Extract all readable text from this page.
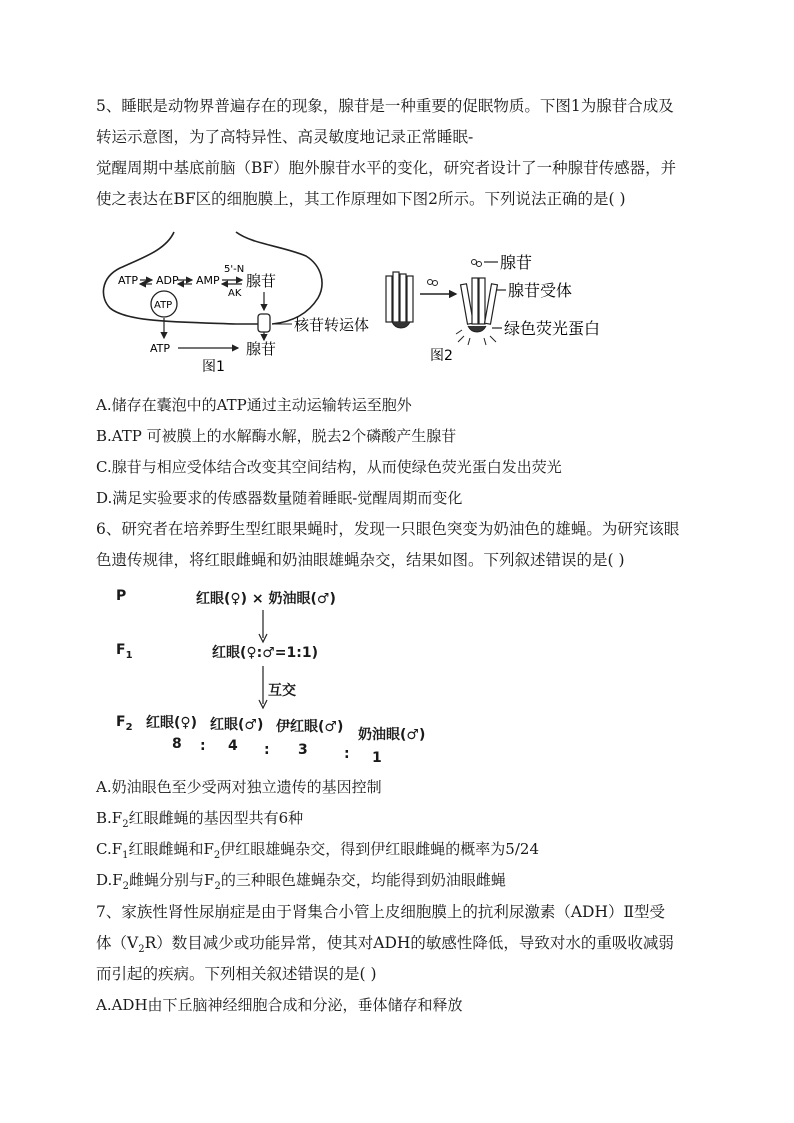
5、睡眠是动物界普遍存在的现象，腺苷是一种重要的促眠物质。下图1为腺苷合成及
转运示意图，为了高特异性、高灵敏度地记录正常睡眠-
觉醒周期中基底前脑（BF）胞外腺苷水平的变化，研究者设计了一种腺苷传感器，并
使之表达在BF区的细胞膜上，其工作原理如下图2所示。下列说法正确的是( )
ATP ADP AMP
5'-N
AK
腺苷
ATP
核苷转运体
ATP	腺苷
图1
腺苷
腺苷受体
绿色荧光蛋白
图2
A.储存在囊泡中的ATP通过主动运输转运至胞外
B.ATP 可被膜上的水解酶水解，脱去2个磷酸产生腺苷
C.腺苷与相应受体结合改变其空间结构，从而使绿色荧光蛋白发出荧光
D.满足实验要求的传感器数量随着睡眠-觉醒周期而变化
6、研究者在培养野生型红眼果蝇时，发现一只眼色突变为奶油色的雄蝇。为研究该眼
色遗传规律，将红眼雌蝇和奶油眼雄蝇杂交，结果如图。下列叙述错误的是( )
P	红眼(♀) × 奶油眼(♂)
$F_1$	红眼(♀:♂=1:1)
互交
$F_2$ 红眼(♀) 红眼(♂) 伊红眼(♂) 奶油眼(♂)
8 : 4 : 3	: 1
A.奶油眼色至少受两对独立遗传的基因控制
$B.F_2$红眼雌蝇的基因型共有6种
$C.F_1$红眼雌蝇和$F_2$伊红眼雄蝇杂交，得到伊红眼雌蝇的概率为5/24
$D.F_2$雌蝇分别与$F_2$的三种眼色雄蝇杂交，均能得到奶油眼雌蝇
7、家族性肾性尿崩症是由于肾集合小管上皮细胞膜上的抗利尿激素（ADH）Ⅱ型受
体$(V_2R)$数目减少或功能异常，使其对ADH的敏感性降低，导致对水的重吸收减弱
而引起的疾病。下列相关叙述错误的是( )
A.ADH由下丘脑神经细胞合成和分泌，垂体储存和释放
